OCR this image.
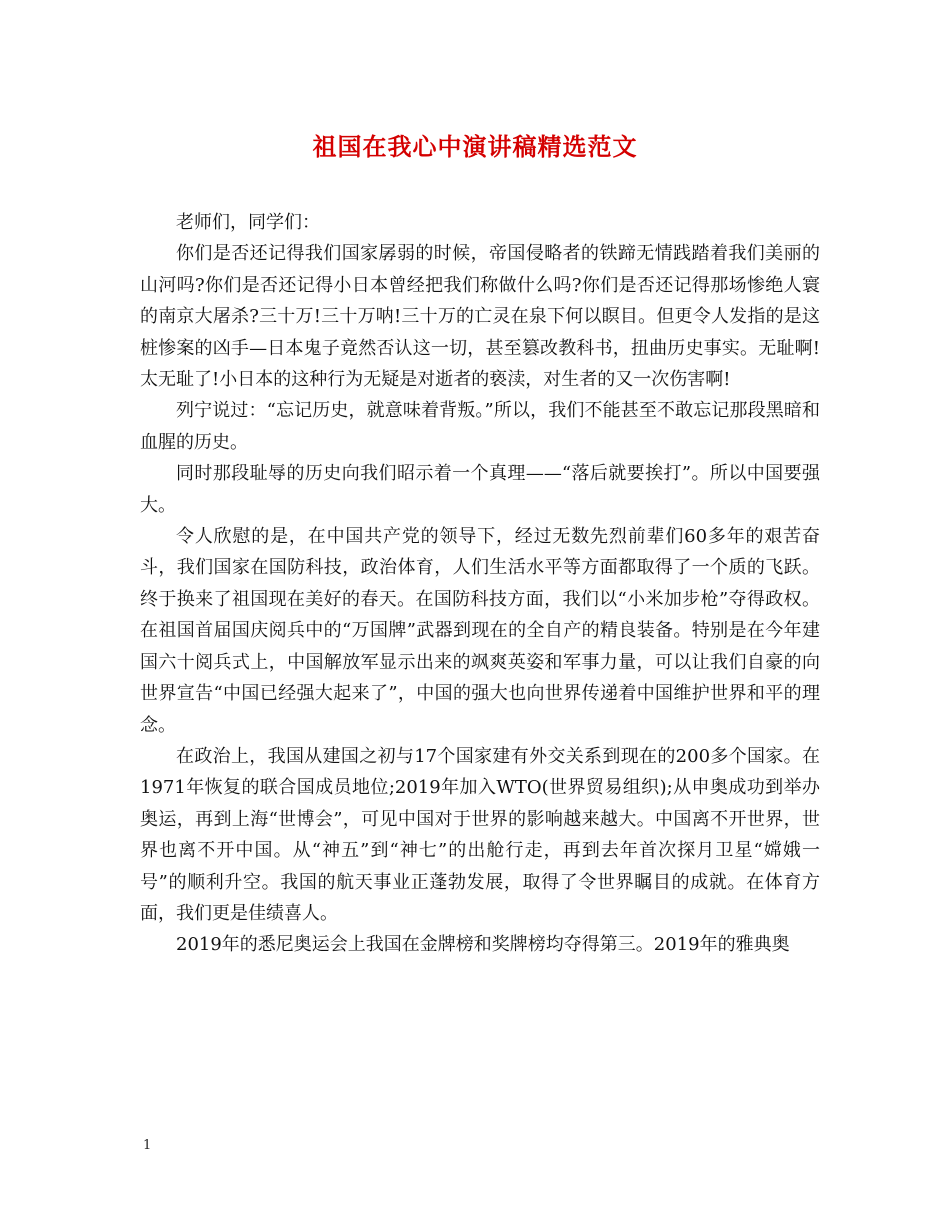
祖国在我心中演讲稿精选范文

老师们，同学们：

你们是否还记得我们国家孱弱的时候，帝国侵略者的铁蹄无情践踏着我们美丽的山河吗?你们是否还记得小日本曾经把我们称做什么吗?你们是否还记得那场惨绝人寰的南京大屠杀?三十万!三十万呐!三十万的亡灵在泉下何以瞑目。但更令人发指的是这桩惨案的凶手—日本鬼子竟然否认这一切，甚至篡改教科书，扭曲历史事实。无耻啊!太无耻了!小日本的这种行为无疑是对逝者的亵渎，对生者的又一次伤害啊!

列宁说过：“忘记历史，就意味着背叛。”所以，我们不能甚至不敢忘记那段黑暗和血腥的历史。

同时那段耻辱的历史向我们昭示着一个真理——“落后就要挨打”。所以中国要强大。

令人欣慰的是，在中国共产党的领导下，经过无数先烈前辈们60多年的艰苦奋斗，我们国家在国防科技，政治体育，人们生活水平等方面都取得了一个质的飞跃。终于换来了祖国现在美好的春天。在国防科技方面，我们以“小米加步枪”夺得政权。在祖国首届国庆阅兵中的“万国牌”武器到现在的全自产的精良装备。特别是在今年建国六十阅兵式上，中国解放军显示出来的飒爽英姿和军事力量，可以让我们自豪的向世界宣告“中国已经强大起来了”，中国的强大也向世界传递着中国维护世界和平的理念。

在政治上，我国从建国之初与17个国家建有外交关系到现在的200多个国家。在1971年恢复的联合国成员地位;2019年加入WTO(世界贸易组织);从申奥成功到举办奥运，再到上海“世博会”，可见中国对于世界的影响越来越大。中国离不开世界，世界也离不开中国。从“神五”到“神七”的出舱行走，再到去年首次探月卫星“嫦娥一号”的顺利升空。我国的航天事业正蓬勃发展，取得了令世界瞩目的成就。在体育方面，我们更是佳绩喜人。

2019年的悉尼奥运会上我国在金牌榜和奖牌榜均夺得第三。2019年的雅典奥

1
